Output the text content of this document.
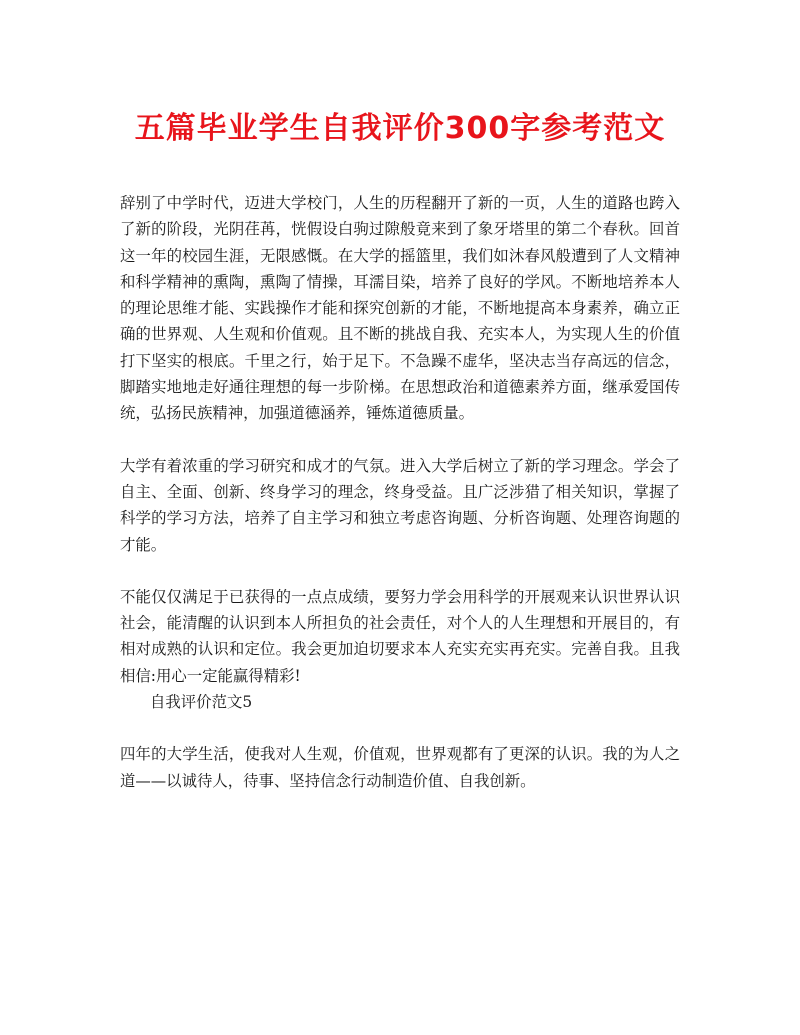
五篇毕业学生自我评价300字参考范文

辞别了中学时代，迈进大学校门，人生的历程翻开了新的一页，人生的道路也跨入了新的阶段，光阴荏苒，恍假设白驹过隙般竟来到了象牙塔里的第二个春秋。回首这一年的校园生涯，无限感慨。在大学的摇篮里，我们如沐春风般遭到了人文精神和科学精神的熏陶，熏陶了情操，耳濡目染，培养了良好的学风。不断地培养本人的理论思维才能、实践操作才能和探究创新的才能，不断地提高本身素养，确立正确的世界观、人生观和价值观。且不断的挑战自我、充实本人，为实现人生的价值打下坚实的根底。千里之行，始于足下。不急躁不虚华，坚决志当存高远的信念，脚踏实地地走好通往理想的每一步阶梯。在思想政治和道德素养方面，继承爱国传统，弘扬民族精神，加强道德涵养，锤炼道德质量。

大学有着浓重的学习研究和成才的气氛。进入大学后树立了新的学习理念。学会了自主、全面、创新、终身学习的理念，终身受益。且广泛涉猎了相关知识，掌握了科学的学习方法，培养了自主学习和独立考虑咨询题、分析咨询题、处理咨询题的才能。

不能仅仅满足于已获得的一点点成绩，要努力学会用科学的开展观来认识世界认识社会，能清醒的认识到本人所担负的社会责任，对个人的人生理想和开展目的，有相对成熟的认识和定位。我会更加迫切要求本人充实充实再充实。完善自我。且我相信:用心一定能赢得精彩!

自我评价范文5

四年的大学生活，使我对人生观，价值观，世界观都有了更深的认识。我的为人之道——以诚待人，待事、坚持信念行动制造价值、自我创新。
